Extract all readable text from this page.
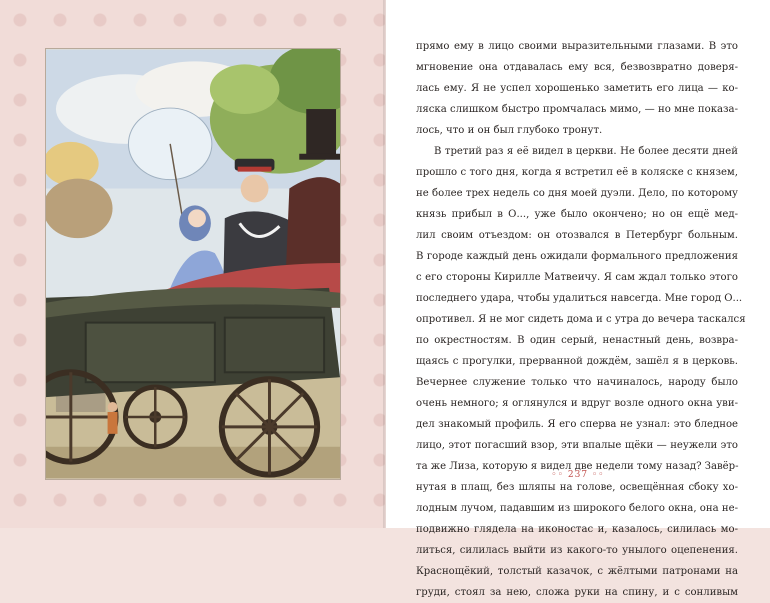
прямо ему в лицо своими выразительными глазами. В это
мгновение она отдавалась ему вся, безвозвратно доверя-
лась ему. Я не успел хорошенько заметить его лица — ко-
ляска слишком быстро промчалась мимо, — но мне показа-
лось, что и он был глубоко тронут.
В третий раз я её видел в церкви. Не более десяти дней
прошло с того дня, когда я встретил её в коляске с князем,
не более трех недель со дня моей дуэли. Дело, по которому
князь прибыл в О..., уже было окончено; но он ещё мед-
лил своим отъездом: он отозвался в Петербург больным.
В городе каждый день ожидали формального предложения
с его стороны Кирилле Матвеичу. Я сам ждал только этого
последнего удара, чтобы удалиться навсегда. Мне город О...
опротивел. Я не мог сидеть дома и с утра до вечера таскался
по окрестностям. В один серый, ненастный день, возвра-
щаясь с прогулки, прерванной дождём, зашёл я в церковь.
Вечернее служение только что начиналось, народу было
очень немного; я оглянулся и вдруг возле одного окна уви-
дел знакомый профиль. Я его сперва не узнал: это бледное
лицо, этот погасший взор, эти впалые щёки — неужели это
та же Лиза, которую я видел две недели тому назад? Завёр-
нутая в плащ, без шляпы на голове, освещённая сбоку хо-
лодным лучом, падавшим из широкого белого окна, она не-
подвижно глядела на иконостас и, казалось, силилась мо-
литься, силилась выйти из какого-то унылого оцепенения.
Краснощёкий, толстый казачок, с жёлтыми патронами на
груди, стоял за нею, сложа руки на спину, и с сонливым
◦◦ 237 ◦◦
